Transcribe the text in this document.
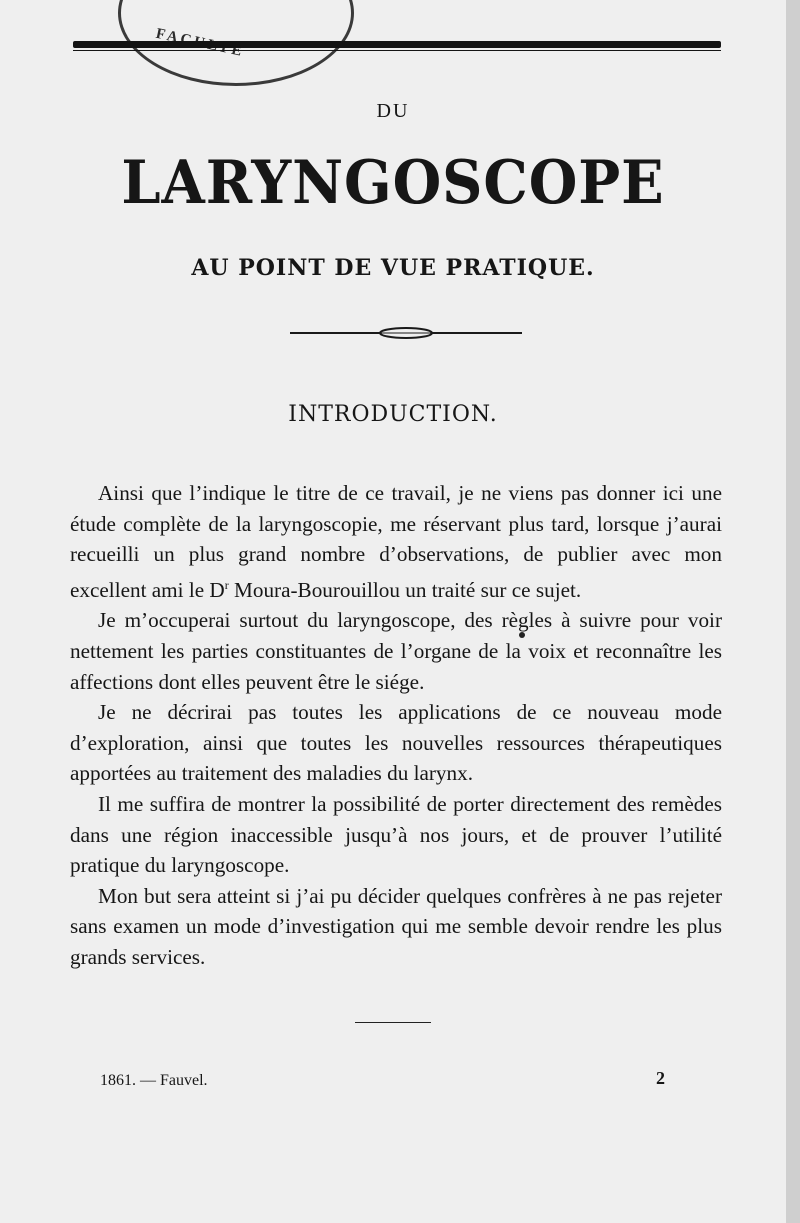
DU
LARYNGOSCOPE
AU POINT DE VUE PRATIQUE.
INTRODUCTION.

Ainsi que l’indique le titre de ce travail, je ne viens pas donner ici une étude complète de la laryngoscopie, me réservant plus tard, lorsque j’aurai recueilli un plus grand nombre d’observations, de publier avec mon excellent ami le $D^r$ Moura-Bourouillou un traité sur ce sujet.

Je m’occuperai surtout du laryngoscope, des règles à suivre pour voir nettement les parties constituantes de l’organe de la voix et reconnaître les affections dont elles peuvent être le siége.

Je ne décrirai pas toutes les applications de ce nouveau mode d’exploration, ainsi que toutes les nouvelles ressources thérapeutiques apportées au traitement des maladies du larynx.

Il me suffira de montrer la possibilité de porter directement des remèdes dans une région inaccessible jusqu’à nos jours, et de prouver l’utilité pratique du laryngoscope.

Mon but sera atteint si j’ai pu décider quelques confrères à ne pas rejeter sans examen un mode d’investigation qui me semble devoir rendre les plus grands services.

1861. — Fauvel.	2
